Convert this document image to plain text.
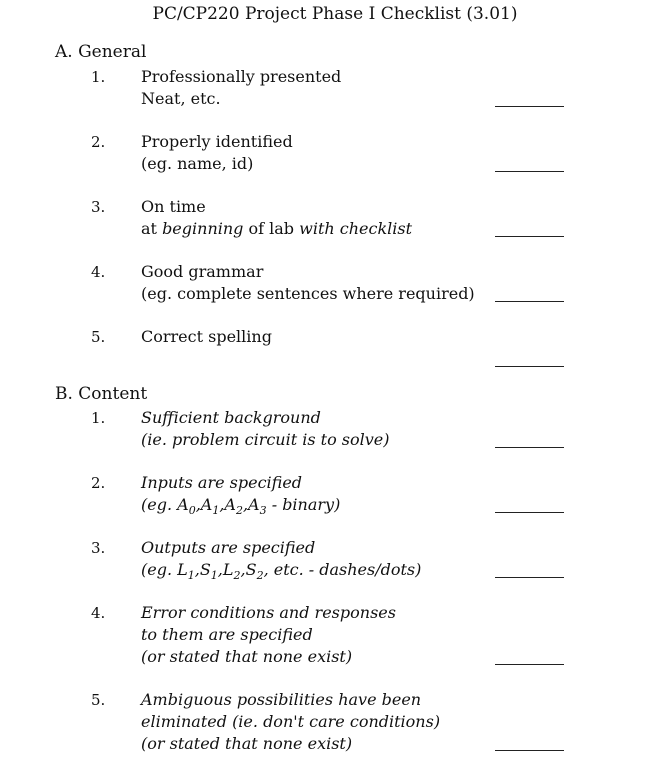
PC/CP220 Project Phase I Checklist (3.01)
A. General
1. Professionally presented
Neat, etc.
2. Properly identified
(eg. name, id)
3. On time
at beginning of lab with checklist
4. Good grammar
(eg. complete sentences where required)
5. Correct spelling
B. Content
1. Sufficient background
(ie. problem circuit is to solve)
2. Inputs are specified
(eg. $A_0,A_1,A_2,A_3$ - binary)
3. Outputs are specified
(eg. $L_1,S_1,L_2,S_2$, etc. - dashes/dots)
4. Error conditions and responses
to them are specified
(or stated that none exist)
5. Ambiguous possibilities have been
eliminated (ie. don't care conditions)
(or stated that none exist)
